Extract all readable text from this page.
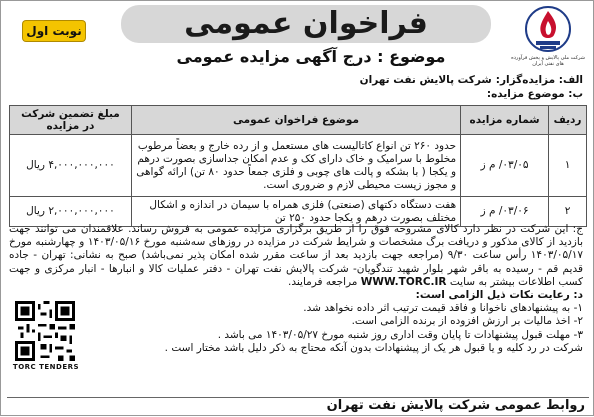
شرکت ملی پالایش و پخش فرآورده های نفتی ایران
فراخوان عمومی
موضوع : درج آگهی مزایده عمومی
نوبت اول
الف: مزایده‌گزار:
شرکت پالایش نفت تهران
ب: موضوع مزایده:
ردیف	شماره مزایده	موضوع فراخوان عمومی	مبلغ تضمین شرکت در مزایده
۱	۰۳/۰۵/ م ز	حدود ۲۶۰ تن انواع کاتالیست های مستعمل و از رده خارج و بعضاً مرطوب مخلوط با سرامیک و خاک دارای کک و عدم امکان جداسازی بصورت درهم و یکجا ( با بشکه و پالت های چوبی و فلزی جمعاً حدود ۸۰ تن) ارائه گواهی و مجوز زیست محیطی لازم و ضروری است.	۴,۰۰۰,۰۰۰,۰۰۰ ریال
۲	۰۳/۰۶/ م ز	هفت دستگاه دکتهای (صنعتی) فلزی همراه با سیمان در اندازه و اشکال مختلف بصورت درهم و یکجا حدود ۲۵۰ تن	۲,۰۰۰,۰۰۰,۰۰۰ ریال
ج: این شرکت در نظر دارد کالای مشروحه فوق را از طریق برگزاری مزایده عمومی به فروش رساند. علاقمندان می توانند جهت بازدید از کالای مذکور و دریافت برگ مشخصات و شرایط شرکت در مزایده در روزهای سه‌شنبه مورخ ۱۴۰۳/۰۵/۱۶ و چهارشنبه مورخ ۱۴۰۳/۰۵/۱۷ رأس ساعت ۹/۳۰ (مراجعه جهت بازدید بعد از ساعت مقرر شده امکان پذیر نمی‌باشد) صبح به نشانی: تهران - جاده قدیم قم - رسیده به باقر شهر بلوار شهید تندگویان- شرکت پالایش نفت تهران - دفتر عملیات کالا و انبارها - انبار مرکزی و جهت کسب اطلاعات بیشتر به سایت WWW.TORC.IR مراجعه فرمایند.
د: رعایت نکات ذیل الزامی است:
۱- به پیشنهادهای ناخوانا و فاقد قیمت ترتیب اثر داده نخواهد شد.
۲- اخذ مالیات بر ارزش افزوده از برنده الزامی است.
۳- مهلت قبول پیشنهادات تا پایان وقت اداری روز شنبه مورخ ۱۴۰۳/۰۵/۲۷ می باشد .
شرکت در رد کلیه و یا قبول هر یک از پیشنهادات بدون آنکه محتاج به ذکر دلیل باشد مختار است .
TORC TENDERS
روابط عمومی شرکت پالایش نفت تهران
